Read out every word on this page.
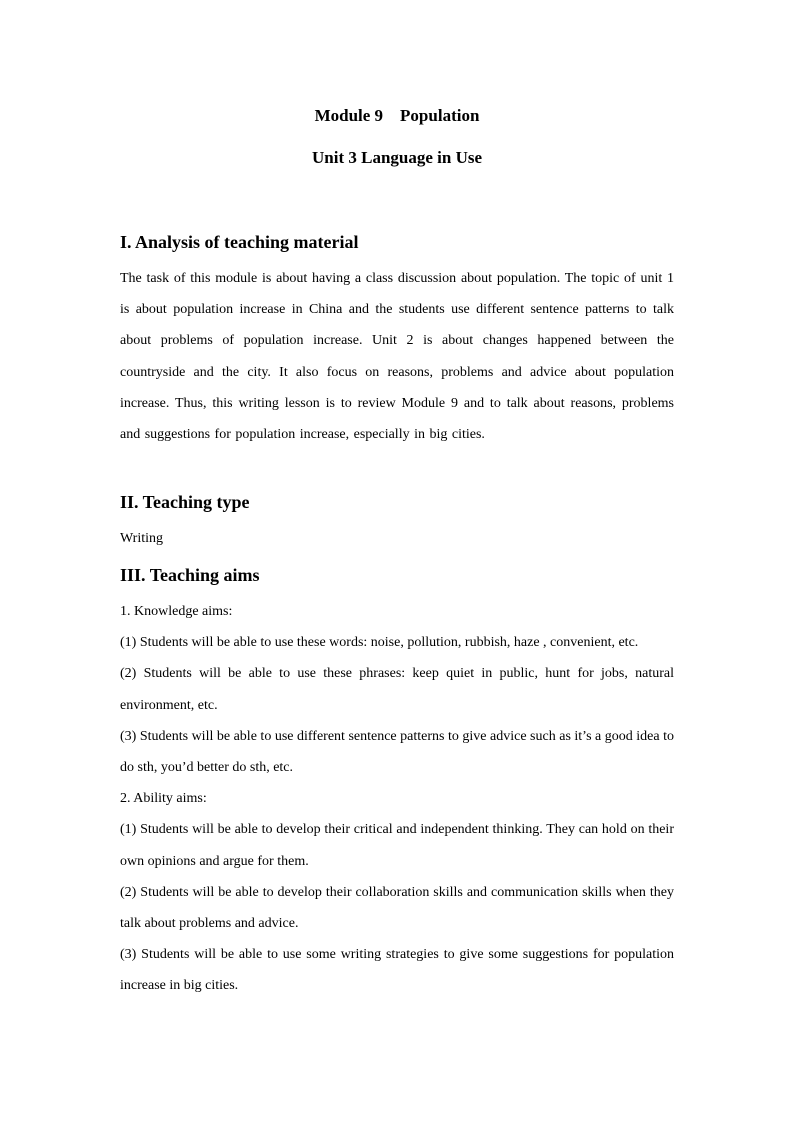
Module 9    Population
Unit 3 Language in Use
I. Analysis of teaching material
The task of this module is about having a class discussion about population. The topic of unit 1 is about population increase in China and the students use different sentence patterns to talk about problems of population increase. Unit 2 is about changes happened between the countryside and the city. It also focus on reasons, problems and advice about population increase. Thus, this writing lesson is to review Module 9 and to talk about reasons, problems and suggestions for population increase, especially in big cities.
II. Teaching type
Writing
III. Teaching aims
1. Knowledge aims:
(1) Students will be able to use these words: noise, pollution, rubbish, haze , convenient, etc.
(2) Students will be able to use these phrases: keep quiet in public, hunt for jobs, natural environment, etc.
(3) Students will be able to use different sentence patterns to give advice such as it’s a good idea to do sth, you’d better do sth, etc.
2. Ability aims:
(1) Students will be able to develop their critical and independent thinking. They can hold on their own opinions and argue for them.
(2) Students will be able to develop their collaboration skills and communication skills when they talk about problems and advice.
(3) Students will be able to use some writing strategies to give some suggestions for population increase in big cities.
